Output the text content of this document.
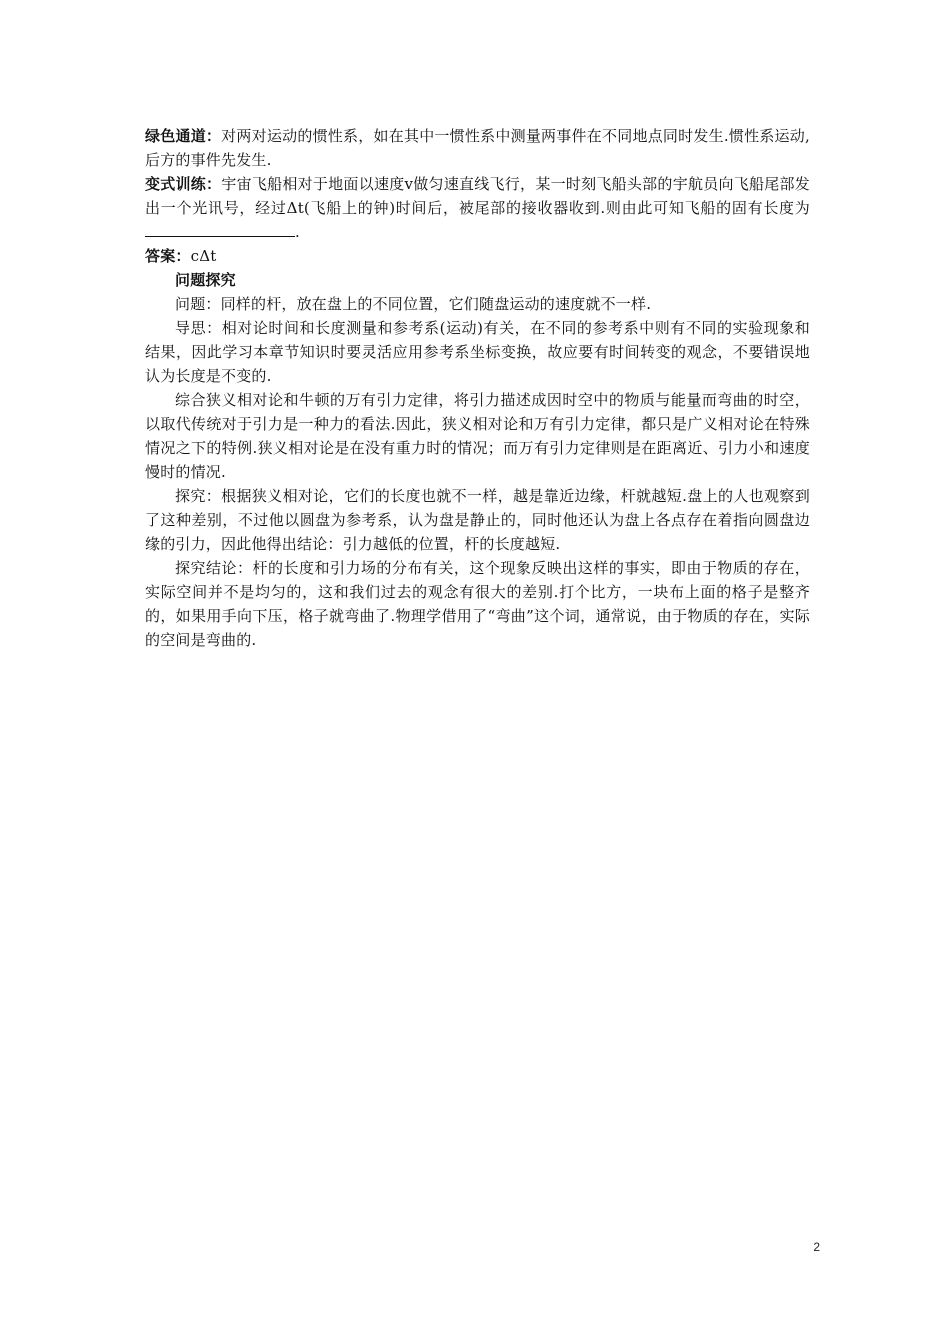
绿色通道：对两对运动的惯性系，如在其中一惯性系中测量两事件在不同地点同时发生.惯性系运动,后方的事件先发生.

变式训练：宇宙飞船相对于地面以速度v做匀速直线飞行，某一时刻飞船头部的宇航员向飞船尾部发出一个光讯号，经过Δt(飞船上的钟)时间后，被尾部的接收器收到.则由此可知飞船的固有长度为.

答案：cΔt

问题探究

问题：同样的杆，放在盘上的不同位置，它们随盘运动的速度就不一样.

导思：相对论时间和长度测量和参考系(运动)有关，在不同的参考系中则有不同的实验现象和结果，因此学习本章节知识时要灵活应用参考系坐标变换，故应要有时间转变的观念，不要错误地认为长度是不变的.

综合狭义相对论和牛顿的万有引力定律，将引力描述成因时空中的物质与能量而弯曲的时空，以取代传统对于引力是一种力的看法.因此，狭义相对论和万有引力定律，都只是广义相对论在特殊情况之下的特例.狭义相对论是在没有重力时的情况；而万有引力定律则是在距离近、引力小和速度慢时的情况.

探究：根据狭义相对论，它们的长度也就不一样，越是靠近边缘，杆就越短.盘上的人也观察到了这种差别，不过他以圆盘为参考系，认为盘是静止的，同时他还认为盘上各点存在着指向圆盘边缘的引力，因此他得出结论：引力越低的位置，杆的长度越短.

探究结论：杆的长度和引力场的分布有关，这个现象反映出这样的事实，即由于物质的存在，实际空间并不是均匀的，这和我们过去的观念有很大的差别.打个比方，一块布上面的格子是整齐的，如果用手向下压，格子就弯曲了.物理学借用了“弯曲”这个词，通常说，由于物质的存在，实际的空间是弯曲的.

2
